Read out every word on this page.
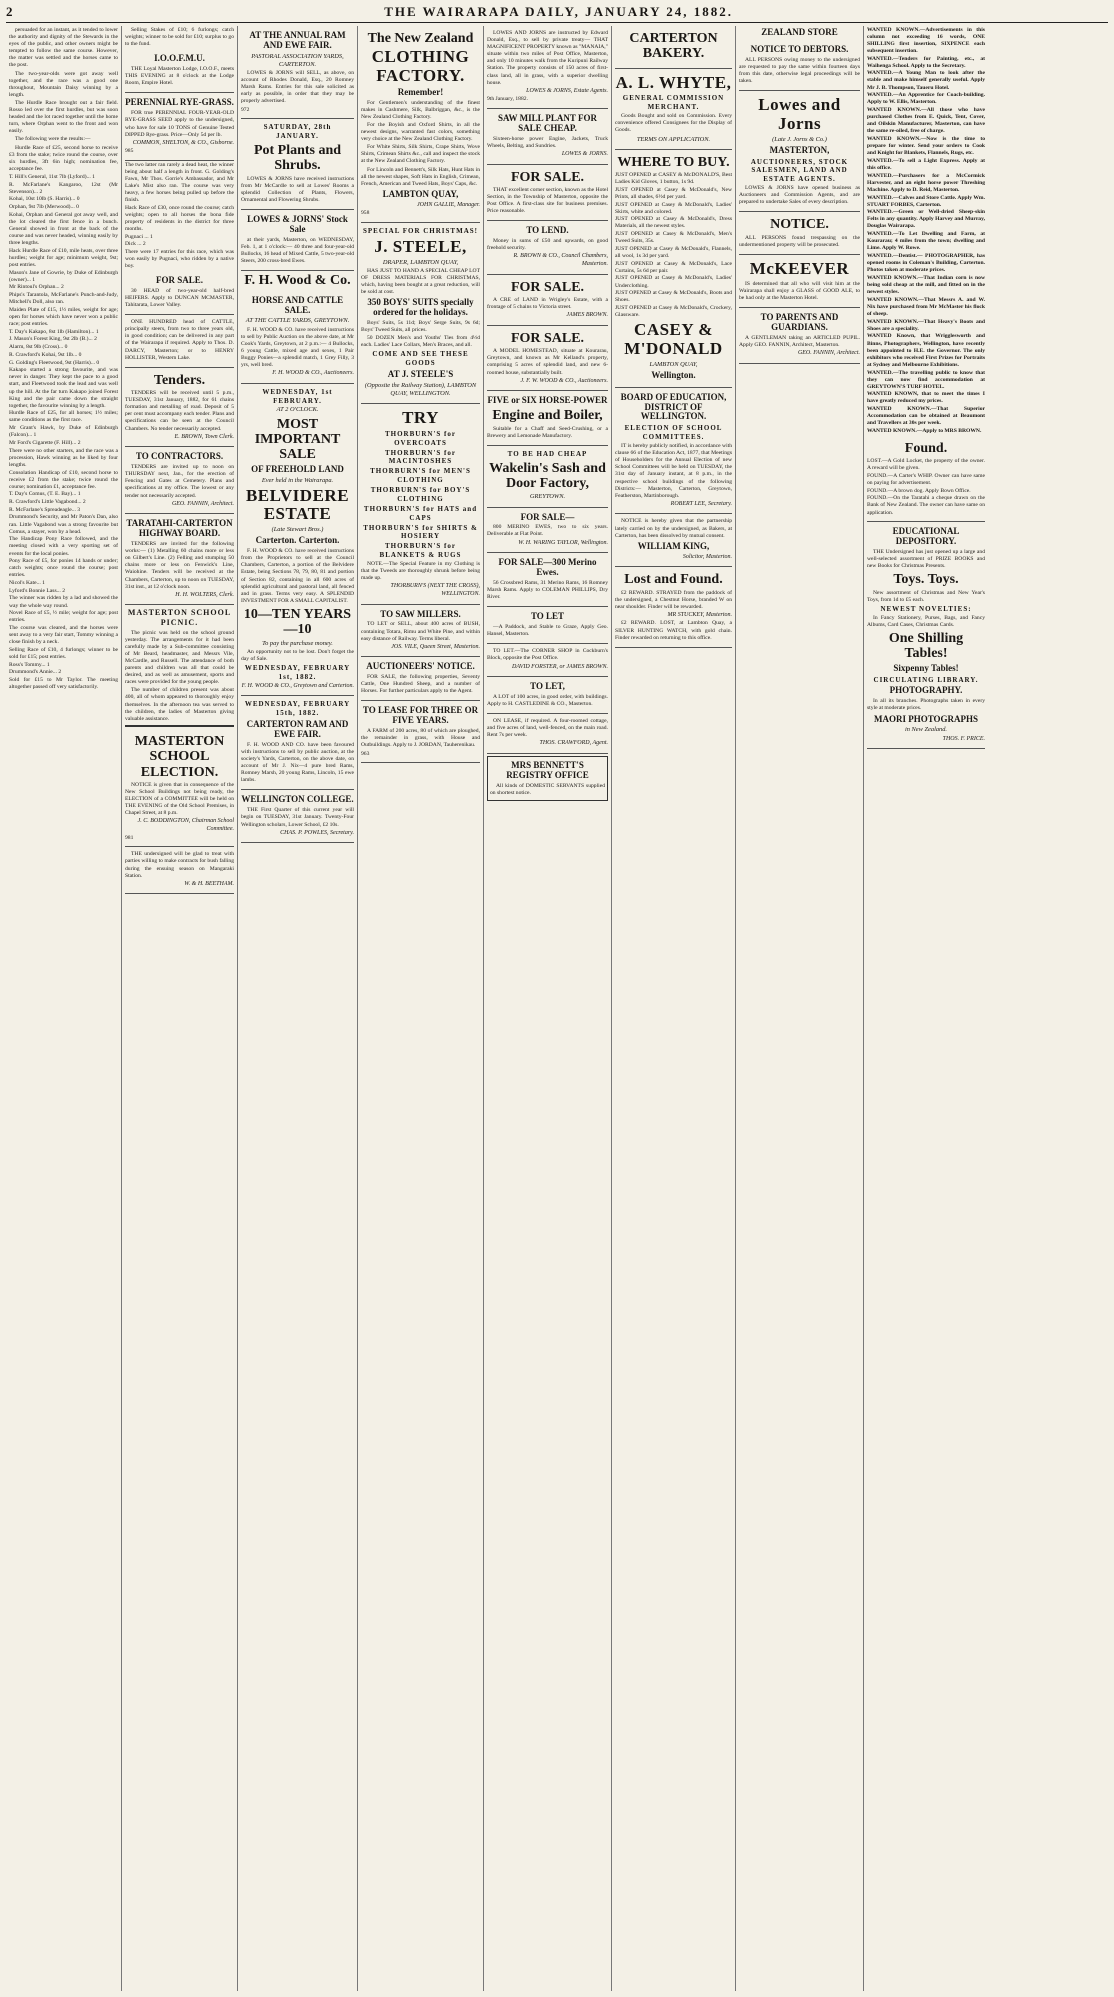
2	THE WAIRARAPA DAILY, JANUARY 24, 1882.

persuaded for an instant, as it tended to lower the authority and dignity of the Stewards in the eyes of the public, and other owners might be tempted to follow the same course. However, the matter was settled and the horses came to the post.
The two-year-olds were got away well together, and the race was a good one throughout, Mountain Daisy winning by a length.
The Hurdle Race brought out a fair field. Rosso led over the first hurdles, but was soon headed and the lot raced together until the home turn, where Orphan went to the front and won easily.
The following were the results:—
Hurdle Race of £25, second horse to receive £3 from the stake; twice round the course, over six hurdles, 3ft 6in high; nomination fee, acceptance fee.
T. Hill's General, 11st 7lb (Lyford)... 1
R. McFarlane's Kangaroo, 12st (Mr Stevenson)... 2
Kohai, 10st 10lb (S. Harris)... 0
Orphan, 9st 7lb (Merwood)... 0
Kohai, Orphan and General got away well, and the lot cleared the first fence in a bunch. General showed in front at the back of the course and was never headed, winning easily by three lengths.
Hack Hurdle Race of £10, mile heats, over three hurdles; weight for age; minimum weight, 9st; post entries.
Mason's Jane of Gowrie, by Duke of Edinburgh (owner)... 1
Mr Rintoul's Orphan... 2
Phips's Tarantola, McFarlane's Punch-and-Judy, Mitchell's Doll, also ran.
Maiden Plate of £15, 1½ miles, weight for age; open for horses which have never won a public race; post entries.
T. Day's Kakapo, 8st 1lb (Hamilton)... 1
J. Mason's Forest King, 9st 2lb (B.)... 2
Alarm, 8st 9lb (Cross)... 0
R. Crawford's Kohai, 9st 1lb... 0
G. Golding's Fleetwood, 9st (Harris)... 0
Kakapo started a strong favourite, and was never in danger. They kept the pace to a good start, and Fleetwood took the lead and was well up the hill. At the far turn Kakapo joined Forest King and the pair came down the straight together, the favourite winning by a length.
Hurdle Race of £25, for all horses; 1½ miles; same conditions as the first race.
Mr Grant's Hawk, by Duke of Edinburgh (Falcon)... 1
Mr Ford's Cigarette (F. Hill)... 2
There were no other starters, and the race was a procession, Hawk winning as he liked by four lengths.
Consolation Handicap of £10, second horse to receive £2 from the stake; twice round the course; nomination £1, acceptance fee.
T. Day's Comus, (T. E. Bay)... 1
R. Crawford's Little Vagabond... 2
R. McFarlane's Spreadeagle... 3
Drummond's Security, and Mr Paton's Dan, also ran. Little Vagabond was a strong favourite but Comus, a stayer, won by a head.
The Handicap Pony Race followed, and the meeting closed with a very sporting set of events for the local ponies.
Pony Race of £5, for ponies 14 hands or under; catch weights; once round the course; post entries.
Nicol's Kate... 1
Lyford's Bonnie Lass... 2
The winner was ridden by a lad and showed the way the whole way round.
Novel Race of £5, ½ mile; weight for age; post entries.
The course was cleared, and the horses were sent away to a very fair start, Tommy winning a close finish by a neck.
Selling Race of £10, 4 furlongs; winner to be sold for £15; post entries.
Ross's Tommy... 1
Drummond's Annie... 2
Sold for £15 to Mr Taylor. The meeting altogether passed off very satisfactorily.
Selling Stakes of £10; 6 furlongs; catch weights; winner to be sold for £10; surplus to go to the fund.
I.O.O.F.M.U.
THE Loyal Masterton Lodge, I.O.O.F., meets THIS EVENING at 8 o'clock at the Lodge Room, Empire Hotel.
PERENNIAL RYE-GRASS.
FOR true PERENNIAL FOUR-YEAR-OLD RYE-GRASS SEED apply to the undersigned, who have for sale 10 TONS of Genuine Tested DIPPED Rye-grass. Price—Only 5d per lb.
COMMON, SHELTON, & CO., Gisborne.
985
The two latter ran rarely a dead heat, the winner being about half a length in front. G. Golding's Fawn, Mr Thos. Gorrie's Ambassador, and Mr Lake's Mist also ran. The course was very heavy, a few horses being pulled up before the finish.
Hack Race of £30, once round the course; catch weights; open to all horses the bona fide property of residents in the district for three months.
Pugnaci ... 1
Dick ... 2
There were 17 entries for this race, which was won easily by Pugnaci, who ridden by a native boy.
FOR SALE.
30 HEAD of two-year-old half-bred HEIFERS. Apply to DUNCAN MCMASTER, Tahitarata, Lower Valley.
ONE HUNDRED head of CATTLE, principally steers, from two to three years old, in good condition; can be delivered in any part of the Wairarapa if required. Apply to Thos. D. DARCY, Masterton; or to HENRY HOLLISTER, Western Lake.
Tenders.
TENDERS will be received until 5 p.m., TUESDAY, 31st January, 1882, for 61 chains formation and metalling of road. Deposit of 5 per cent must accompany each tender. Plans and specifications can be seen at the Council Chambers. No tender necessarily accepted.
E. BROWN, Town Clerk.
TO CONTRACTORS.
TENDERS are invited up to noon on THURSDAY next, Jan., for the erection of Fencing and Gates at Cemetery. Plans and specifications at my office. The lowest or any tender not necessarily accepted.
GEO. FANNIN, Architect.
TARATAHI-CARTERTON HIGHWAY BOARD.
TENDERS are invited for the following works:— (1) Metalling 60 chains more or less on Gilbert's Line. (2) Felling and stumping 50 chains more or less on Fenwick's Line, Waiohine. Tenders will be received at the Chambers, Carterton, up to noon on TUESDAY, 31st inst., at 12 o'clock noon.
H. H. WOLTERS, Clerk.
MASTERTON SCHOOL PICNIC.
The picnic was held on the school ground yesterday. The arrangements for it had been carefully made by a Sub-committee consisting of Mr Beard, headmaster, and Messrs Vile, McCardle, and Russell. The attendance of both parents and children was all that could be desired, and as well as amusement, sports and races were provided for the young people.
The number of children present was about 400, all of whom appeared to thoroughly enjoy themselves. In the afternoon tea was served to the children, the ladies of Masterton giving valuable assistance.
MASTERTON SCHOOL ELECTION.
NOTICE is given that in consequence of the New School Buildings not being ready, the ELECTION of a COMMITTEE will be held on THE EVENING of the Old School Premises, in Chapel Street, at 8 p.m.
J. C. BODDINGTON, Chairman School Committee.
981
THE undersigned will be glad to treat with parties willing to make contracts for bush falling during the ensuing season on Mangaraki Station.
W. & H. BEETHAM.
AT THE ANNUAL RAM AND EWE FAIR.
PASTORAL ASSOCIATION YARDS, CARTERTON.
LOWES & JORNS will SELL, as above, on account of Rhodes Donald, Esq., 20 Romney Marsh Rams. Entries for this sale solicited as early as possible, in order that they may be properly advertised.
972
SATURDAY, 28th JANUARY.
Pot Plants and Shrubs.
LOWES & JORNS have received instructions from Mr McCardle to sell at Lowes' Rooms a splendid Collection of Plants, Flowers, Ornamental and Flowering Shrubs.
LOWES & JORNS' Stock Sale
at their yards, Masterton, on WEDNESDAY, Feb. 1, at 1 o'clock:— 40 three and four-year-old Bullocks, 16 head of Mixed Cattle, 5 two-year-old Steers, 200 cross-bred Ewes.
F. H. Wood & Co.
HORSE AND CATTLE SALE.
AT THE CATTLE YARDS, GREYTOWN.
F. H. WOOD & CO. have received instructions to sell by Public Auction on the above date, at Mr Cook's Yards, Greytown, at 2 p.m.:— 4 Bullocks, 6 young Cattle, mixed age and sexes, 1 Pair Buggy Ponies—a splendid match, 1 Grey Filly, 3 yrs, well bred.
F. H. WOOD & CO., Auctioneers.
WEDNESDAY, 1st FEBRUARY.
AT 2 O'CLOCK.
MOST IMPORTANT SALE
OF FREEHOLD LAND
Ever held in the Wairarapa.
BELVIDERE ESTATE
(Late Stewart Bros.)
Carterton. Carterton.
F. H. WOOD & CO. have received instructions from the Proprietors to sell at the Council Chambers, Carterton, a portion of the Belvidere Estate, being Sections 78, 79, 80, 81 and portion of Section 82, containing in all 600 acres of splendid agricultural and pastoral land, all fenced and in grass. Terms very easy. A SPLENDID INVESTMENT FOR A SMALL CAPITALIST.
10—TEN YEARS—10
To pay the purchase money.
An opportunity not to be lost. Don't forget the day of Sale.
WEDNESDAY, FEBRUARY 1st, 1882.
F. H. WOOD & CO., Greytown and Carterton.
WEDNESDAY, FEBRUARY 15th, 1882.
CARTERTON RAM AND EWE FAIR.
F. H. WOOD AND CO. have been favoured with instructions to sell by public auction, at the society's Yards, Carterton, on the above date, on account of Mr J. Nix—4 pure bred Rams, Romney Marsh, 20 young Rams, Lincoln, 15 ewe lambs.
WELLINGTON COLLEGE.
THE First Quarter of this current year will begin on TUESDAY, 31st January. Twenty-Four Wellington scholars, Lower School, £2 10s.
CHAS. P. POWLES, Secretary.
The New Zealand
CLOTHING FACTORY.
Remember!
For Gentlemen's understanding of the finest makes in Cashmere, Silk, Balbriggan, &c., is the New Zealand Clothing Factory.
For the Boyish and Oxford Shirts, in all the newest designs, warranted fast colors, something very choice at the New Zealand Clothing Factory.
For White Shirts, Silk Shirts, Crape Shirts, Wove Shirts, Crimean Shirts &c., call and inspect the stock at the New Zealand Clothing Factory.
For Lincoln and Bennett's, Silk Hats, Hunt Hats in all the newest shapes, Soft Hats in English, Crimean, French, American and Tweed Hats, Boys' Caps, &c.
LAMBTON QUAY,
JOHN GALLIE, Manager.
958
SPECIAL FOR CHRISTMAS!
J. STEELE,
DRAPER, LAMBTON QUAY,
HAS JUST TO HAND A SPECIAL CHEAP LOT OF DRESS MATERIALS FOR CHRISTMAS, which, having been bought at a great reduction, will be sold at cost.
350 BOYS' SUITS specially ordered for the holidays.
Boys' Suits, 5s 11d; Boys' Serge Suits, 9s 6d; Boys' Tweed Suits, all prices.
50 DOZEN Men's and Youths' Ties from 4½d each. Ladies' Lace Collars, Men's Braces, and all.
COME AND SEE THESE GOODS
AT J. STEELE'S
(Opposite the Railway Station), LAMBTON QUAY, WELLINGTON.
TRY
THORBURN'S for OVERCOATS
THORBURN'S for MACINTOSHES
THORBURN'S for MEN'S CLOTHING
THORBURN'S for BOY'S CLOTHING
THORBURN'S for HATS and CAPS
THORBURN'S for SHIRTS & HOSIERY
THORBURN'S for BLANKETS & RUGS
NOTE.—The Special Feature in my Clothing is that the Tweeds are thoroughly shrunk before being made up.
THORBURN'S (NEXT THE CROSS), WELLINGTON.
TO SAW MILLERS.
TO LET or SELL, about 400 acres of BUSH, containing Totara, Rimu and White Pine, and within easy distance of Railway. Terms liberal.
JOS. VILE, Queen Street, Masterton.
AUCTIONEERS' NOTICE.
FOR SALE, the following properties, Seventy Cattle, One Hundred Sheep, and a number of Horses. For further particulars apply to the Agent.
TO LEASE FOR THREE OR FIVE YEARS.
A FARM of 200 acres, 80 of which are ploughed, the remainder in grass, with House and Outbuildings. Apply to J. JORDAN, Tauherenikau.
963
LOWES AND JORNS are instructed by Edward Donald, Esq., to sell by private treaty— THAT MAGNIFICENT PROPERTY known as "MANAIA," situate within two miles of Post Office, Masterton, and only 10 minutes walk from the Kuripuni Railway Station. The property consists of 150 acres of first-class land, all in grass, with a superior dwelling house.
LOWES & JORNS, Estate Agents.
9th January, 1882.
SAW MILL PLANT FOR SALE CHEAP.
Sixteen-horse power Engine, Jackets, Truck Wheels, Belting, and Sundries.
LOWES & JORNS.
FOR SALE.
THAT excellent corner section, known as the Hotel Section, in the Township of Masterton, opposite the Post Office. A first-class site for business premises. Price reasonable.
TO LEND.
Money in sums of £50 and upwards, on good freehold security.
R. BROWN & CO., Council Chambers, Masterton.
FOR SALE.
A CRE of LAND in Wrigley's Estate, with a frontage of 5 chains to Victoria street.
JAMES BROWN.
FOR SALE.
A MODEL HOMESTEAD, situate at Kourarau, Greytown, and known as Mr Kelland's property, comprising 5 acres of splendid land, and new 6-roomed house, substantially built.
J. F. W. WOOD & CO., Auctioneers.
FIVE or SIX HORSE-POWER
Engine and Boiler,
Suitable for a Chaff and Seed-Crushing, or a Brewery and Lemonade Manufactory.
TO BE HAD CHEAP
Wakelin's Sash and Door Factory,
GREYTOWN.
FOR SALE—
800 MERINO EWES, two to six years. Deliverable at Flat Point.
W. H. WARING TAYLOR, Wellington.
FOR SALE—300 Merino Ewes.
56 Crossbred Rams, 31 Merino Rams, 16 Romney Marsh Rams. Apply to COLEMAN PHILLIPS, Dry River.
TO LET
—A Paddock, and Stable to Graze, Apply Geo. Hansel, Masterton.
TO LET.—The CORNER SHOP in Cockburn's Block, opposite the Post Office.
DAVID FORSTER, or JAMES BROWN.
TO LET,
A LOT of 100 acres, in good order, with buildings. Apply to H. CASTLEDINE & CO., Masterton.
ON LEASE, if required. A four-roomed cottage, and five acres of land, well-fenced, on the main road. Rent 7s per week.
THOS. CRAWFORD, Agent.
MRS BENNETT'S REGISTRY OFFICE
All kinds of DOMESTIC SERVANTS supplied on shortest notice.
CARTERTON BAKERY.
A. L. WHYTE,
GENERAL COMMISSION MERCHANT.
Goods Bought and sold on Commission. Every convenience offered Consignees for the Display of Goods.
TERMS ON APPLICATION.
WHERE TO BUY.
JUST OPENED at CASEY & McDONALD'S, Best Ladies Kid Gloves, 1 button, 1s 9d.
JUST OPENED at Casey & McDonald's, New Prints, all shades, 6½d per yard.
JUST OPENED at Casey & McDonald's, Ladies' Skirts, white and colored.
JUST OPENED at Casey & McDonald's, Dress Materials, all the newest styles.
JUST OPENED at Casey & McDonald's, Men's Tweed Suits, 35s.
JUST OPENED at Casey & McDonald's, Flannels, all wool, 1s 3d per yard.
JUST OPENED at Casey & McDonald's, Lace Curtains, 5s 6d per pair.
JUST OPENED at Casey & McDonald's, Ladies' Underclothing.
JUST OPENED at Casey & McDonald's, Boots and Shoes.
JUST OPENED at Casey & McDonald's, Crockery, Glassware.
CASEY & M'DONALD
LAMBTON QUAY,
Wellington.
BOARD OF EDUCATION, DISTRICT OF WELLINGTON.
ELECTION OF SCHOOL COMMITTEES.
IT is hereby publicly notified, in accordance with clause 66 of the Education Act, 1877, that Meetings of Householders for the Annual Election of new School Committees will be held on TUESDAY, the 31st day of January instant, at 8 p.m., in the respective school buildings of the following Districts:— Masterton, Carterton, Greytown, Featherston, Martinborough.
ROBERT LEE, Secretary.
NOTICE is hereby given that the partnership lately carried on by the undersigned, as Bakers, at Carterton, has been dissolved by mutual consent.
WILLIAM KING,
Solicitor, Masterton.
Lost and Found.
£2 REWARD. STRAYED from the paddock of the undersigned, a Chestnut Horse, branded W on near shoulder. Finder will be rewarded.
MR STUCKEY, Masterton.
£2 REWARD. LOST, at Lambton Quay, a SILVER HUNTING WATCH, with gold chain. Finder rewarded on returning to this office.
ZEALAND STORE
NOTICE TO DEBTORS.
ALL PERSONS owing money to the undersigned are requested to pay the same within fourteen days from this date, otherwise legal proceedings will be taken.
Lowes and Jorns
(Late J. Jorns & Co.)
MASTERTON,
AUCTIONEERS, STOCK SALESMEN, LAND AND ESTATE AGENTS.
LOWES & JORNS have opened business as Auctioneers and Commission Agents, and are prepared to undertake Sales of every description.
NOTICE.
ALL PERSONS found trespassing on the undermentioned property will be prosecuted.
McKEEVER
IS determined that all who will visit him at the Wairarapa shall enjoy a GLASS of GOOD ALE, to be had only at the Masterton Hotel.
TO PARENTS AND GUARDIANS.
A GENTLEMAN taking an ARTICLED PUPIL. Apply GEO. FANNIN, Architect, Masterton.
GEO. FANNIN, Architect.
WANTED KNOWN.—Advertisements in this column not exceeding 16 words, ONE SHILLING first insertion, SIXPENCE each subsequent insertion.
WANTED.—Tenders for Painting, etc., at Waihenga School. Apply to the Secretary.
WANTED.—A Young Man to look after the stable and make himself generally useful. Apply Mr J. B. Thompson, Taueru Hotel.
WANTED.—An Apprentice for Coach-building. Apply to W. Ellis, Masterton.
WANTED KNOWN.—All those who have purchased Clothes from E. Quick, Tent, Cover, and Oilskin Manufacturer, Masterton, can have the same re-oiled, free of charge.
WANTED KNOWN.—Now is the time to prepare for winter. Send your orders to Cook and Knight for Blankets, Flannels, Rugs, etc.
WANTED.—To sell a Light Express. Apply at this office.
WANTED.—Purchasers for a McCormick Harvester, and an eight horse power Threshing Machine. Apply to D. Reid, Masterton.
WANTED.—Calves and Store Cattle. Apply Wm. STUART FORBES, Carterton.
WANTED.—Green or Well-dried Sheep-skin Felts in any quantity. Apply Harvey and Murray, Douglas Wairarapa.
WANTED.—To Let Dwelling and Farm, at Kourarau; 4 miles from the town; dwelling and Lime. Apply W. Rowe.
WANTED.—Dentist.— PHOTOGRAPHER, has opened rooms in Coleman's Building, Carterton. Photos taken at moderate prices.
WANTED KNOWN.—That Indian corn is now being sold cheap at the mill, and fitted on in the newest styles.
WANTED KNOWN.—That Messrs A. and W. Nix have purchased from Mr McMaster his flock of sheep.
WANTED KNOWN.—That Heavy's Boots and Shoes are a speciality.
WANTED Known, that Wrigglesworth and Binns, Photographers, Wellington, have recently been appointed to H.E. the Governor. The only exhibitors who received First Prizes for Portraits at Sydney and Melbourne Exhibitions.
WANTED.—The travelling public to know that they can now find accommodation at GREYTOWN'S TURF HOTEL.
WANTED KNOWN, that to meet the times I have greatly reduced my prices.
WANTED KNOWN.—That Superior Accommodation can be obtained at Beaumont and Travellers at 30s per week.
WANTED KNOWN.—Apply to MRS BROWN.
Found.
LOST.—A Gold Locket, the property of the owner. A reward will be given.
FOUND.—A Carter's WHIP. Owner can have same on paying for advertisement.
FOUND.—A brown dog. Apply Bown Office.
FOUND.—On the Taratahi a cheque drawn on the Bank of New Zealand. The owner can have same on application.
EDUCATIONAL DEPOSITORY.
THE Undersigned has just opened up a large and well-selected assortment of PRIZE BOOKS and new Books for Christmas Presents.
Toys. Toys.
New assortment of Christmas and New Year's Toys, from 1d to £5 each.
NEWEST NOVELTIES:
In Fancy Stationery, Purses, Bags, and Fancy Albums, Card Cases, Christmas Cards.
One Shilling Tables!
Sixpenny Tables!
CIRCULATING LIBRARY.
PHOTOGRAPHY.
In all its branches. Photographs taken in every style at moderate prices.
MAORI PHOTOGRAPHS
in New Zealand.
THOS. F. PRICE.
